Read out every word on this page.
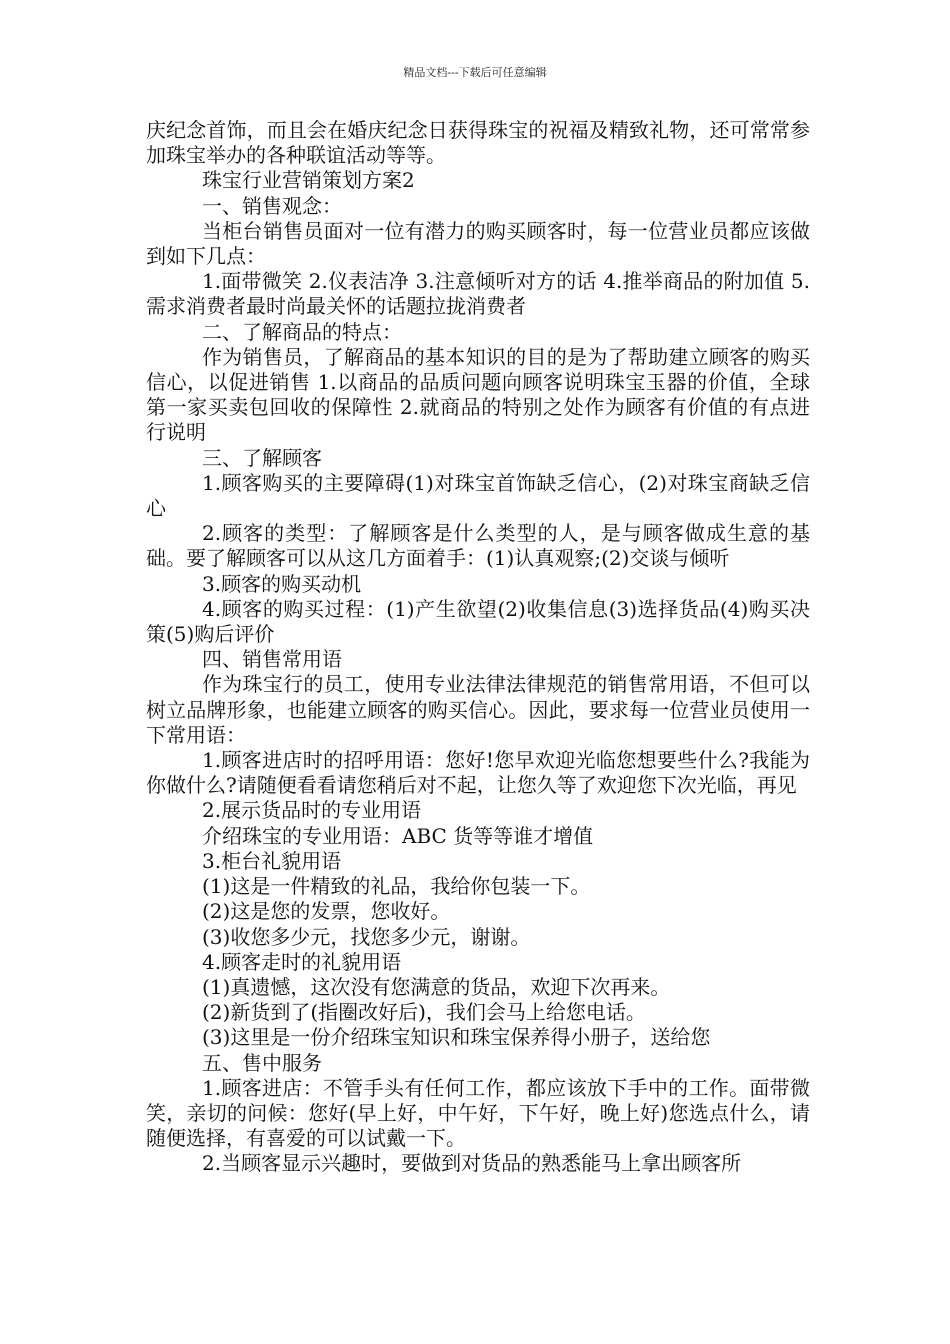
精品文档---下载后可任意编辑

庆纪念首饰，而且会在婚庆纪念日获得珠宝的祝福及精致礼物，还可常常参加珠宝举办的各种联谊活动等等。

珠宝行业营销策划方案2

一、销售观念：

当柜台销售员面对一位有潜力的购买顾客时，每一位营业员都应该做到如下几点：

1.面带微笑 2.仪表洁净 3.注意倾听对方的话 4.推举商品的附加值 5.需求消费者最时尚最关怀的话题拉拢消费者

二、了解商品的特点：

作为销售员，了解商品的基本知识的目的是为了帮助建立顾客的购买信心，以促进销售 1.以商品的品质问题向顾客说明珠宝玉器的价值，全球第一家买卖包回收的保障性 2.就商品的特别之处作为顾客有价值的有点进行说明

三、了解顾客

1.顾客购买的主要障碍(1)对珠宝首饰缺乏信心，(2)对珠宝商缺乏信心

2.顾客的类型：了解顾客是什么类型的人，是与顾客做成生意的基础。要了解顾客可以从这几方面着手：(1)认真观察;(2)交谈与倾听

3.顾客的购买动机

4.顾客的购买过程：(1)产生欲望(2)收集信息(3)选择货品(4)购买决策(5)购后评价

四、销售常用语

作为珠宝行的员工，使用专业法律法律规范的销售常用语，不但可以树立品牌形象，也能建立顾客的购买信心。因此，要求每一位营业员使用一下常用语：

1.顾客进店时的招呼用语：您好!您早欢迎光临您想要些什么?我能为你做什么?请随便看看请您稍后对不起，让您久等了欢迎您下次光临，再见

2.展示货品时的专业用语

介绍珠宝的专业用语：ABC 货等等谁才增值

3.柜台礼貌用语

(1)这是一件精致的礼品，我给你包装一下。

(2)这是您的发票，您收好。

(3)收您多少元，找您多少元，谢谢。

4.顾客走时的礼貌用语

(1)真遗憾，这次没有您满意的货品，欢迎下次再来。

(2)新货到了(指圈改好后)，我们会马上给您电话。

(3)这里是一份介绍珠宝知识和珠宝保养得小册子，送给您

五、售中服务

1.顾客进店：不管手头有任何工作，都应该放下手中的工作。面带微笑，亲切的问候：您好(早上好，中午好，下午好，晚上好)您选点什么，请随便选择，有喜爱的可以试戴一下。

2.当顾客显示兴趣时，要做到对货品的熟悉能马上拿出顾客所
